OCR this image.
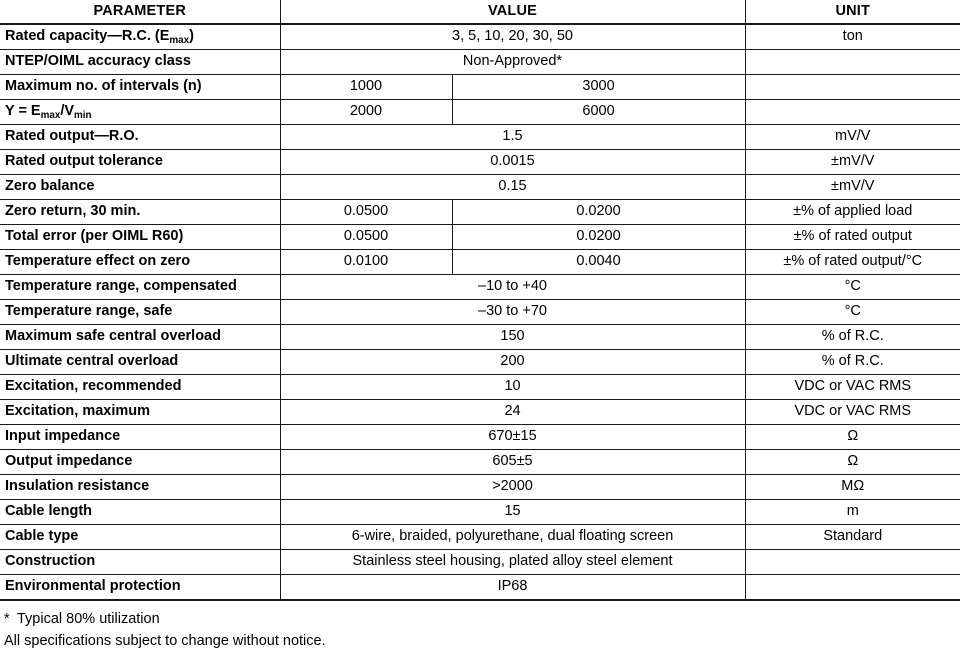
PARAMETER	VALUE		UNIT
Rated capacity—R.C. $(E_{max})$	3, 5, 10, 20, 30, 50		ton
NTEP/OIML accuracy class	Non-Approved*		
Maximum no. of intervals (n)	1000	3000	
$Y = E_{max}/V_{min}$	2000	6000	
Rated output—R.O.	1.5		mV/V
Rated output tolerance	0.0015		±mV/V
Zero balance	0.15		±mV/V
Zero return, 30 min.	0.0500	0.0200	±% of applied load
Total error (per OIML R60)	0.0500	0.0200	±% of rated output
Temperature effect on zero	0.0100	0.0040	±% of rated output/°C
Temperature range, compensated	–10 to +40		°C
Temperature range, safe	–30 to +70		°C
Maximum safe central overload	150		% of R.C.
Ultimate central overload	200		% of R.C.
Excitation, recommended	10		VDC or VAC RMS
Excitation, maximum	24		VDC or VAC RMS
Input impedance	670±15		Ω
Output impedance	605±5		Ω
Insulation resistance	>2000		MΩ
Cable length	15		m
Cable type	6-wire, braided, polyurethane, dual floating screen		Standard
Construction	Stainless steel housing, plated alloy steel element		
Environmental protection	IP68		
* Typical 80% utilization
All specifications subject to change without notice.
